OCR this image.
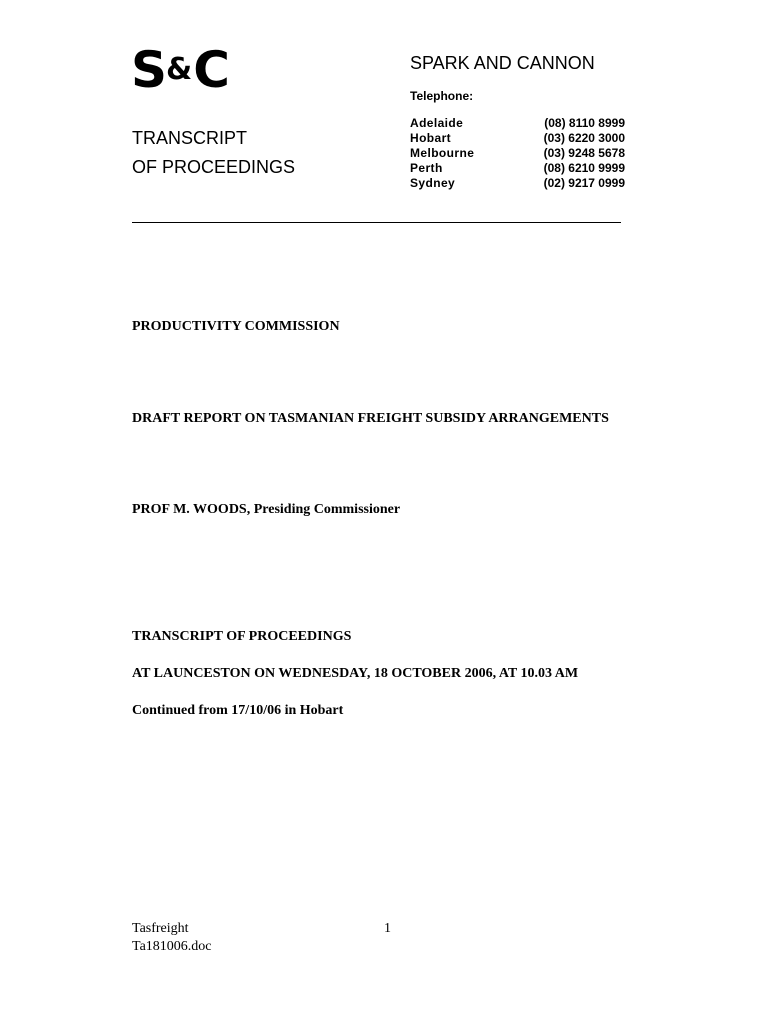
S&C	SPARK AND CANNON
Telephone:
Adelaide	(08) 8110 8999
Hobart	(03) 6220 3000
Melbourne	(03) 9248 5678
Perth	(08) 6210 9999
Sydney	(02) 9217 0999
TRANSCRIPT
OF PROCEEDINGS
PRODUCTIVITY COMMISSION
DRAFT REPORT ON TASMANIAN FREIGHT SUBSIDY ARRANGEMENTS
PROF M. WOODS, Presiding Commissioner
TRANSCRIPT OF PROCEEDINGS
AT LAUNCESTON ON WEDNESDAY, 18 OCTOBER 2006, AT 10.03 AM
Continued from 17/10/06 in Hobart
Tasfreight
Ta181006.doc
1
